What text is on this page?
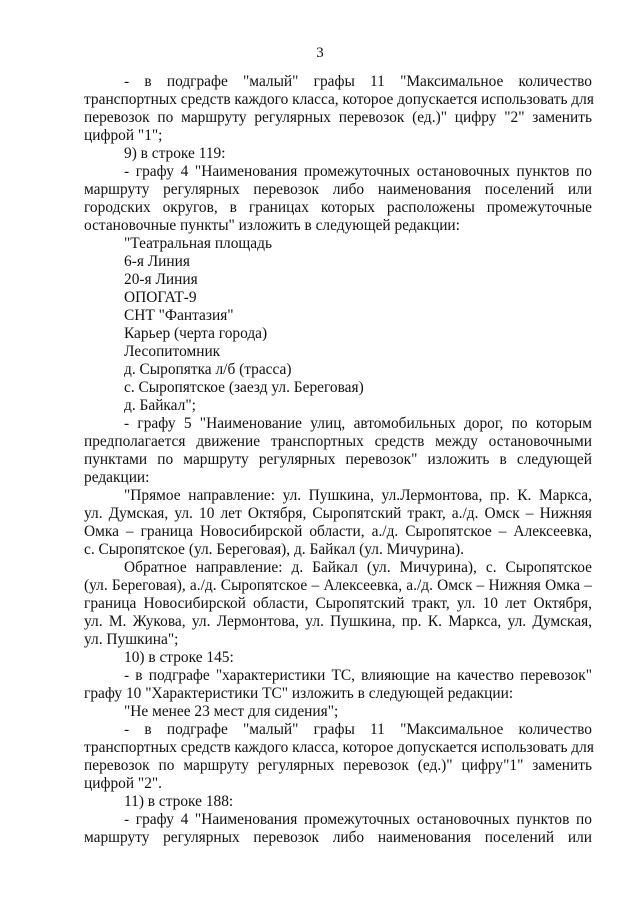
3
- в подграфе "малый" графы 11 "Максимальное количество
транспортных средств каждого класса, которое допускается использовать для
перевозок по маршруту регулярных перевозок (ед.)" цифру "2" заменить
цифрой "1";
9) в строке 119:
- графу 4 "Наименования промежуточных остановочных пунктов по
маршруту регулярных перевозок либо наименования поселений или
городских округов, в границах которых расположены промежуточные
остановочные пункты" изложить в следующей редакции:
"Театральная площадь
6-я Линия
20-я Линия
ОПОГАТ-9
СНТ "Фантазия"
Карьер (черта города)
Лесопитомник
д. Сыропятка л/б (трасса)
с. Сыропятское (заезд ул. Береговая)
д. Байкал";
- графу 5 "Наименование улиц, автомобильных дорог, по которым
предполагается движение транспортных средств между остановочными
пунктами по маршруту регулярных перевозок" изложить в следующей
редакции:
"Прямое направление: ул. Пушкина, ул.Лермонтова, пр. К. Маркса,
ул. Думская, ул. 10 лет Октября, Сыропятский тракт, а./д. Омск – Нижняя
Омка – граница Новосибирской области, а./д. Сыропятское – Алексеевка,
с. Сыропятское (ул. Береговая), д. Байкал (ул. Мичурина).
Обратное направление: д. Байкал (ул. Мичурина), с. Сыропятское
(ул. Береговая), а./д. Сыропятское – Алексеевка, а./д. Омск – Нижняя Омка –
граница Новосибирской области, Сыропятский тракт, ул. 10 лет Октября,
ул. М. Жукова, ул. Лермонтова, ул. Пушкина, пр. К. Маркса, ул. Думская,
ул. Пушкина";
10) в строке 145:
- в подграфе "характеристики ТС, влияющие на качество перевозок"
графу 10 "Характеристики ТС" изложить в следующей редакции:
"Не менее 23 мест для сидения";
- в подграфе "малый" графы 11 "Максимальное количество
транспортных средств каждого класса, которое допускается использовать для
перевозок по маршруту регулярных перевозок (ед.)" цифру"1" заменить
цифрой "2".
11) в строке 188:
- графу 4 "Наименования промежуточных остановочных пунктов по
маршруту регулярных перевозок либо наименования поселений или
